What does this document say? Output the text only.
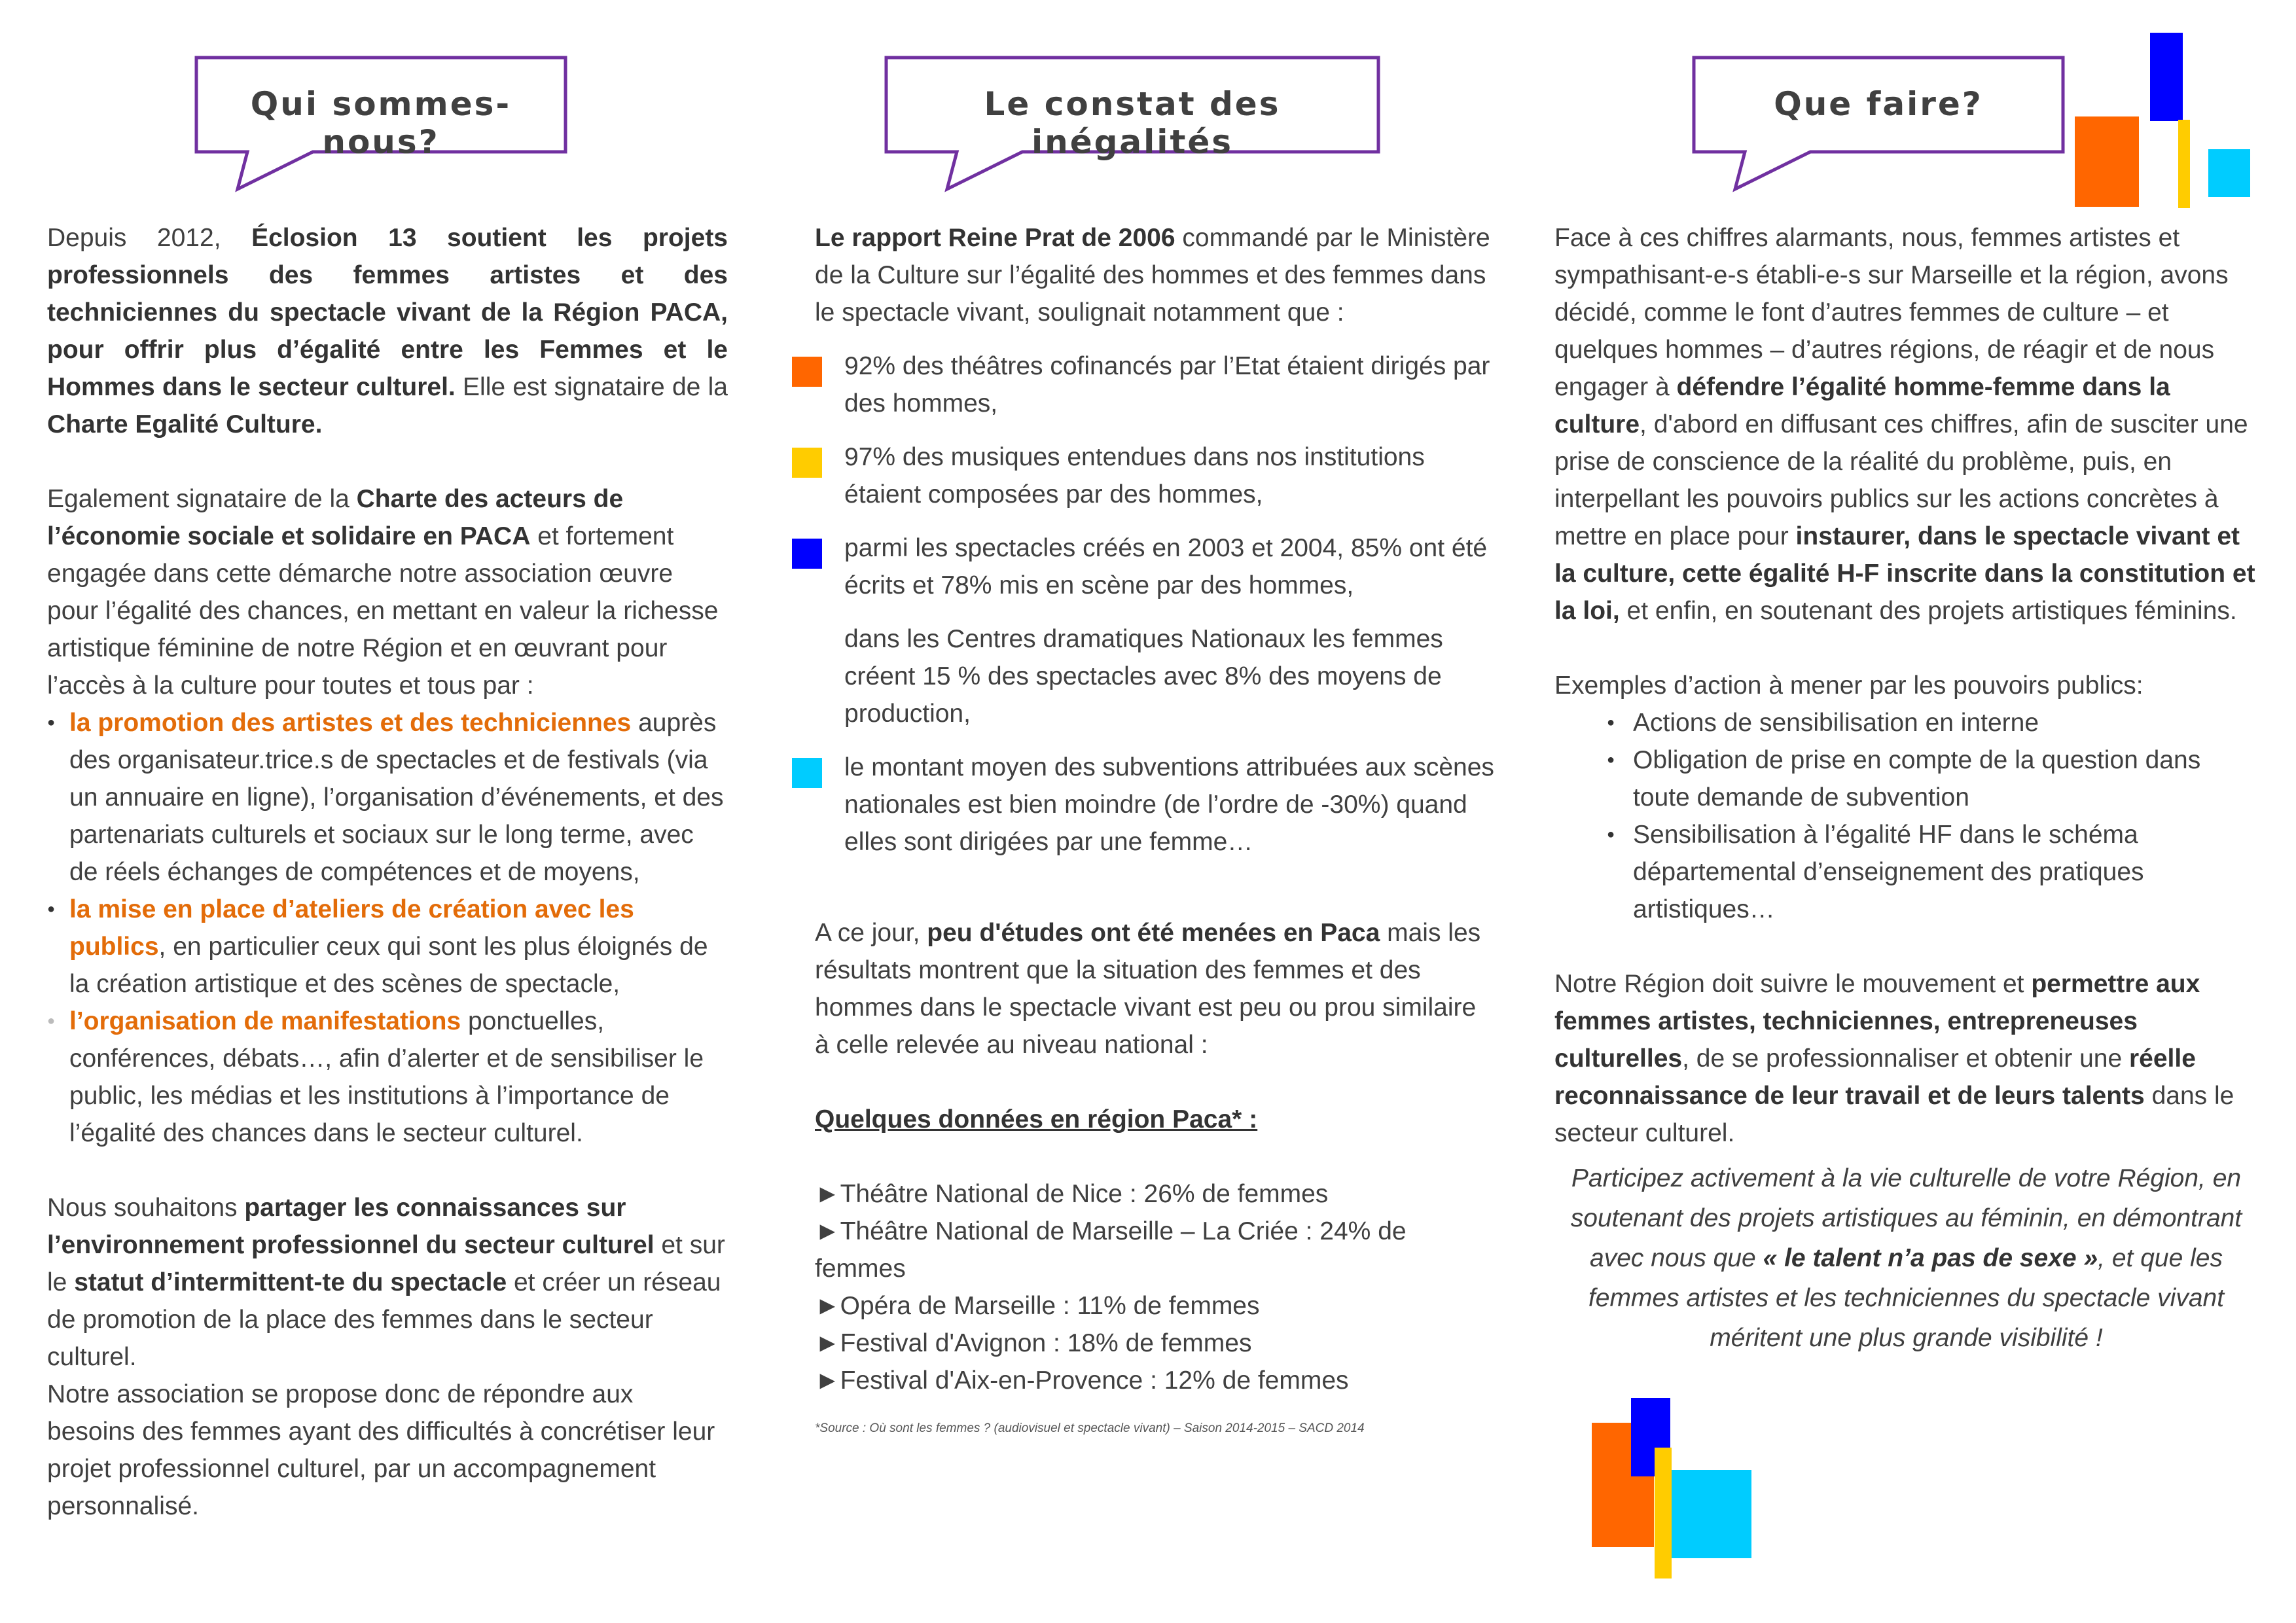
Qui sommes-nous?
Le constat des inégalités
Que faire?

Depuis 2012, Éclosion 13 soutient les projets professionnels des femmes artistes et des techniciennes du spectacle vivant de la Région PACA, pour offrir plus d’égalité entre les Femmes et le Hommes dans le secteur culturel. Elle est signataire de la Charte Egalité Culture.

Egalement signataire de la Charte des acteurs de l’économie sociale et solidaire en PACA et fortement engagée dans cette démarche notre association œuvre pour l’égalité des chances, en mettant en valeur la richesse artistique féminine de notre Région et en œuvrant pour l’accès à la culture pour toutes et tous par :

● la promotion des artistes et des techniciennes auprès des organisateur.trice.s de spectacles et de festivals (via un annuaire en ligne), l’organisation d’événements, et des partenariats culturels et sociaux sur le long terme, avec de réels échanges de compétences et de moyens,
● la mise en place d’ateliers de création avec les publics, en particulier ceux qui sont les plus éloignés de la création artistique et des scènes de spectacle,
● l’organisation de manifestations ponctuelles, conférences, débats…, afin d’alerter et de sensibiliser le public, les médias et les institutions à l’importance de l’égalité des chances dans le secteur culturel.

Nous souhaitons partager les connaissances sur l’environnement professionnel du secteur culturel et sur le statut d’intermittent-te du spectacle et créer un réseau de promotion de la place des femmes dans le secteur culturel.

Notre association se propose donc de répondre aux besoins des femmes ayant des difficultés à concrétiser leur projet professionnel culturel, par un accompagnement personnalisé.

Le rapport Reine Prat de 2006 commandé par le Ministère de la Culture sur l’égalité des hommes et des femmes dans le spectacle vivant, soulignait notamment que :

92% des théâtres cofinancés par l’Etat étaient dirigés par des hommes,
97% des musiques entendues dans nos institutions étaient composées par des hommes,
parmi les spectacles créés en 2003 et 2004, 85% ont été écrits et 78% mis en scène par des hommes,
dans les Centres dramatiques Nationaux les femmes créent 15 % des spectacles avec 8% des moyens de production,
le montant moyen des subventions attribuées aux scènes nationales est bien moindre (de l’ordre de -30%) quand elles sont dirigées par une femme…

A ce jour, peu d'études ont été menées en Paca mais les résultats montrent que la situation des femmes et des hommes dans le spectacle vivant est peu ou prou similaire à celle relevée au niveau national :

Quelques données en région Paca* :

►Théâtre National de Nice : 26% de femmes

►Théâtre National de Marseille – La Criée : 24% de femmes

►Opéra de Marseille : 11% de femmes

►Festival d'Avignon : 18% de femmes

►Festival d'Aix-en-Provence : 12% de femmes

*Source : Où sont les femmes ? (audiovisuel et spectacle vivant) – Saison 2014-2015 – SACD 2014

Face à ces chiffres alarmants, nous, femmes artistes et sympathisant-e-s établi-e-s sur Marseille et la région, avons décidé, comme le font d’autres femmes de culture – et quelques hommes – d’autres régions, de réagir et de nous engager à défendre l’égalité homme-femme dans la culture, d'abord en diffusant ces chiffres, afin de susciter une prise de conscience de la réalité du problème, puis, en interpellant les pouvoirs publics sur les actions concrètes à mettre en place pour instaurer, dans le spectacle vivant et la culture, cette égalité H-F inscrite dans la constitution et la loi, et enfin, en soutenant des projets artistiques féminins.

Exemples d’action à mener par les pouvoirs publics:

● Actions de sensibilisation en interne

● Obligation de prise en compte de la question dans toute demande de subvention

● Sensibilisation à l’égalité HF dans le schéma départemental d’enseignement des pratiques artistiques…

Notre Région doit suivre le mouvement et permettre aux femmes artistes, techniciennes, entrepreneuses culturelles, de se professionnaliser et obtenir une réelle reconnaissance de leur travail et de leurs talents dans le secteur culturel.

Participez activement à la vie culturelle de votre Région, en soutenant des projets artistiques au féminin, en démontrant avec nous que « le talent n’a pas de sexe », et que les femmes artistes et les techniciennes du spectacle vivant méritent une plus grande visibilité !
